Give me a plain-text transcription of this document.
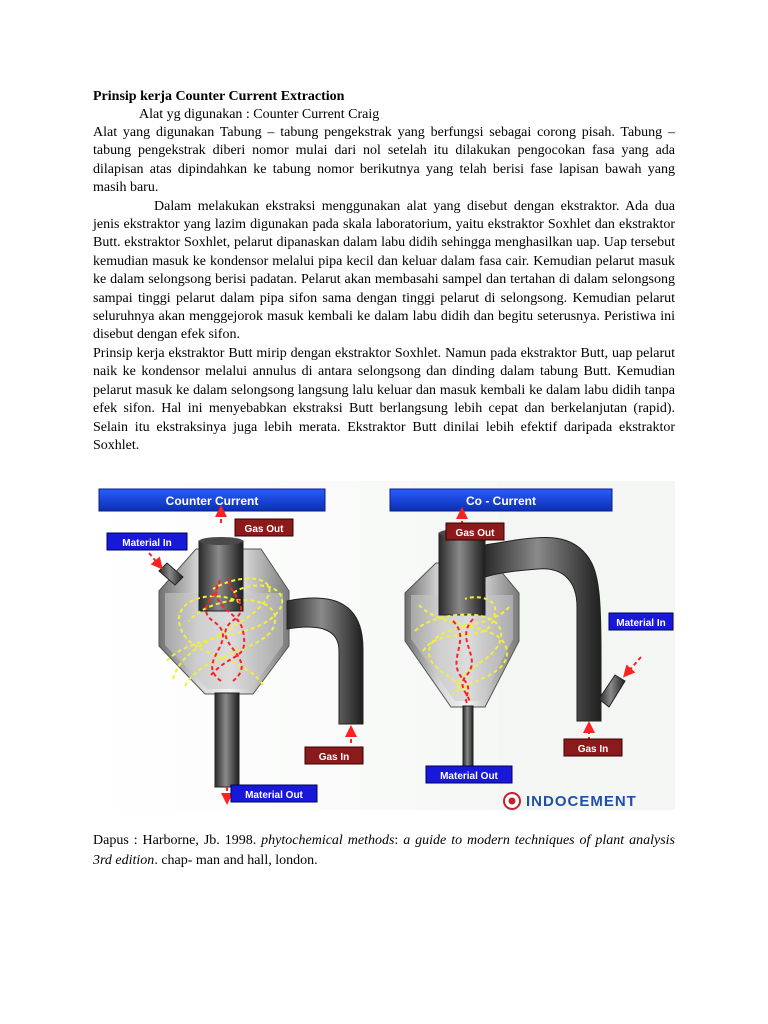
Prinsip kerja Counter Current Extraction

Alat yg digunakan : Counter Current Craig

Alat yang digunakan Tabung – tabung pengekstrak yang berfungsi sebagai corong pisah. Tabung – tabung pengekstrak diberi nomor mulai dari nol setelah itu dilakukan pengocokan fasa yang ada dilapisan atas dipindahkan ke tabung nomor berikutnya yang telah berisi fase lapisan bawah yang masih baru.

Dalam melakukan ekstraksi menggunakan alat yang disebut dengan ekstraktor. Ada dua jenis ekstraktor yang lazim digunakan pada skala laboratorium, yaitu ekstraktor Soxhlet dan ekstraktor Butt. ekstraktor Soxhlet, pelarut dipanaskan dalam labu didih sehingga menghasilkan uap. Uap tersebut kemudian masuk ke kondensor melalui pipa kecil dan keluar dalam fasa cair. Kemudian pelarut masuk ke dalam selongsong berisi padatan. Pelarut akan membasahi sampel dan tertahan di dalam selongsong sampai tinggi pelarut dalam pipa sifon sama dengan tinggi pelarut di selongsong. Kemudian pelarut seluruhnya akan menggejorok masuk kembali ke dalam labu didih dan begitu seterusnya. Peristiwa ini disebut dengan efek sifon.

Prinsip kerja ekstraktor Butt mirip dengan ekstraktor Soxhlet. Namun pada ekstraktor Butt, uap pelarut naik ke kondensor melalui annulus di antara selongsong dan dinding dalam tabung Butt. Kemudian pelarut masuk ke dalam selongsong langsung lalu keluar dan masuk kembali ke dalam labu didih tanpa efek sifon. Hal ini menyebabkan ekstraksi Butt berlangsung lebih cepat dan berkelanjutan (rapid). Selain itu ekstraksinya juga lebih merata. Ekstraktor Butt dinilai lebih efektif daripada ekstraktor Soxhlet.

Counter Current
Gas Out
Material In
Gas In
Material Out
Co - Current
Gas Out
Material In
Gas In
Material Out
INDOCEMENT

Dapus : Harborne, Jb. 1998. phytochemical methods: a guide to modern techniques of plant analysis 3rd edition. chap- man and hall, london.
